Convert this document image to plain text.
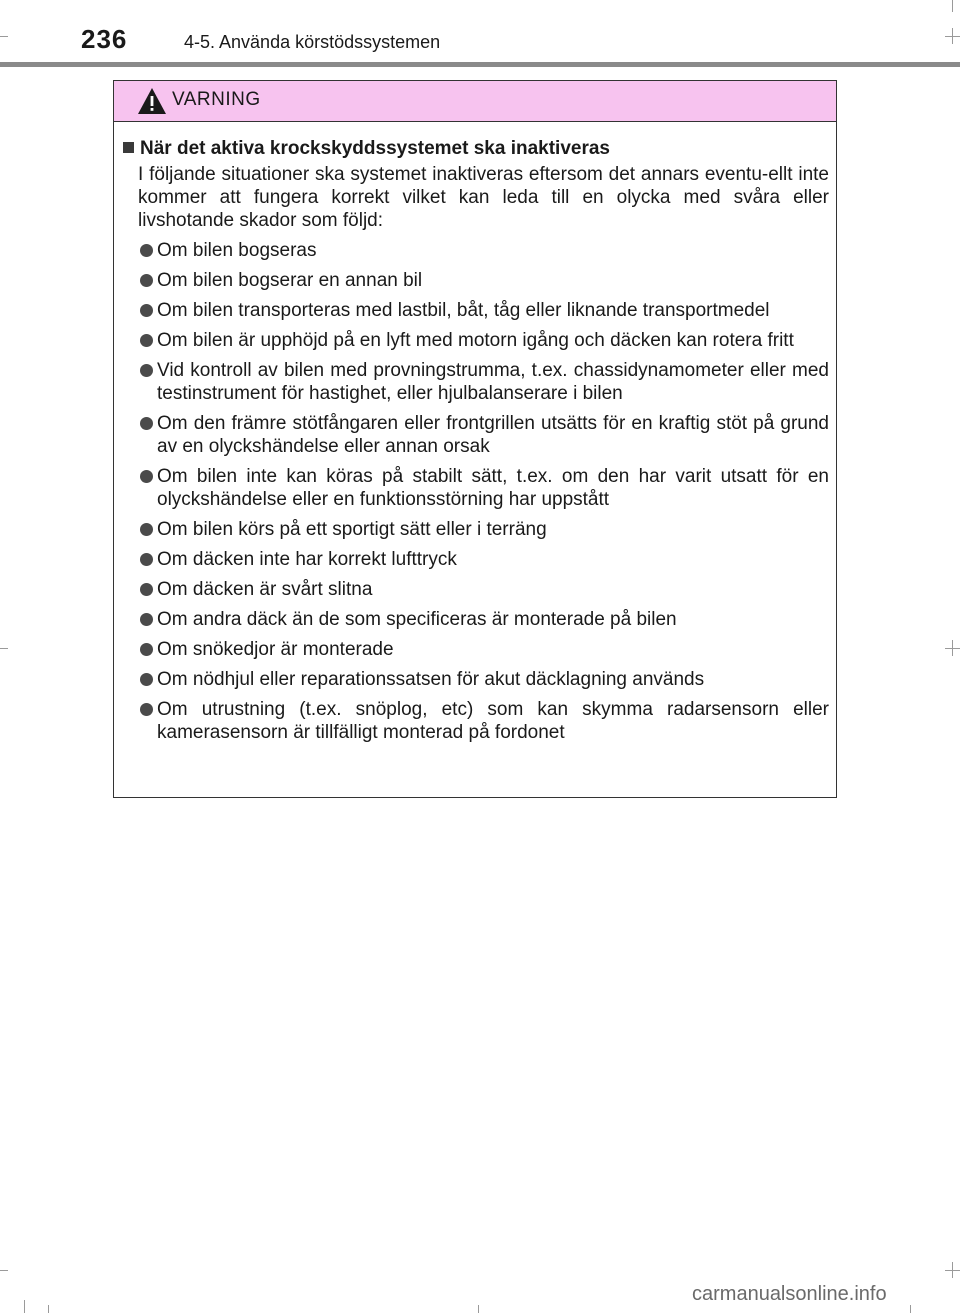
236	4-5. Använda körstödssystemen
VARNING
När det aktiva krockskyddssystemet ska inaktiveras
I följande situationer ska systemet inaktiveras eftersom det annars eventu-ellt inte kommer att fungera korrekt vilket kan leda till en olycka med svåra eller livshotande skador som följd:
Om bilen bogseras
Om bilen bogserar en annan bil
Om bilen transporteras med lastbil, båt, tåg eller liknande transportmedel
Om bilen är upphöjd på en lyft med motorn igång och däcken kan rotera fritt
Vid kontroll av bilen med provningstrumma, t.ex. chassidynamometer eller med testinstrument för hastighet, eller hjulbalanserare i bilen
Om den främre stötfångaren eller frontgrillen utsätts för en kraftig stöt på grund av en olyckshändelse eller annan orsak
Om bilen inte kan köras på stabilt sätt, t.ex. om den har varit utsatt för en olyckshändelse eller en funktionsstörning har uppstått
Om bilen körs på ett sportigt sätt eller i terräng
Om däcken inte har korrekt lufttryck
Om däcken är svårt slitna
Om andra däck än de som specificeras är monterade på bilen
Om snökedjor är monterade
Om nödhjul eller reparationssatsen för akut däcklagning används
Om utrustning (t.ex. snöplog, etc) som kan skymma radarsensorn eller kamerasensorn är tillfälligt monterad på fordonet
carmanualsonline.info
